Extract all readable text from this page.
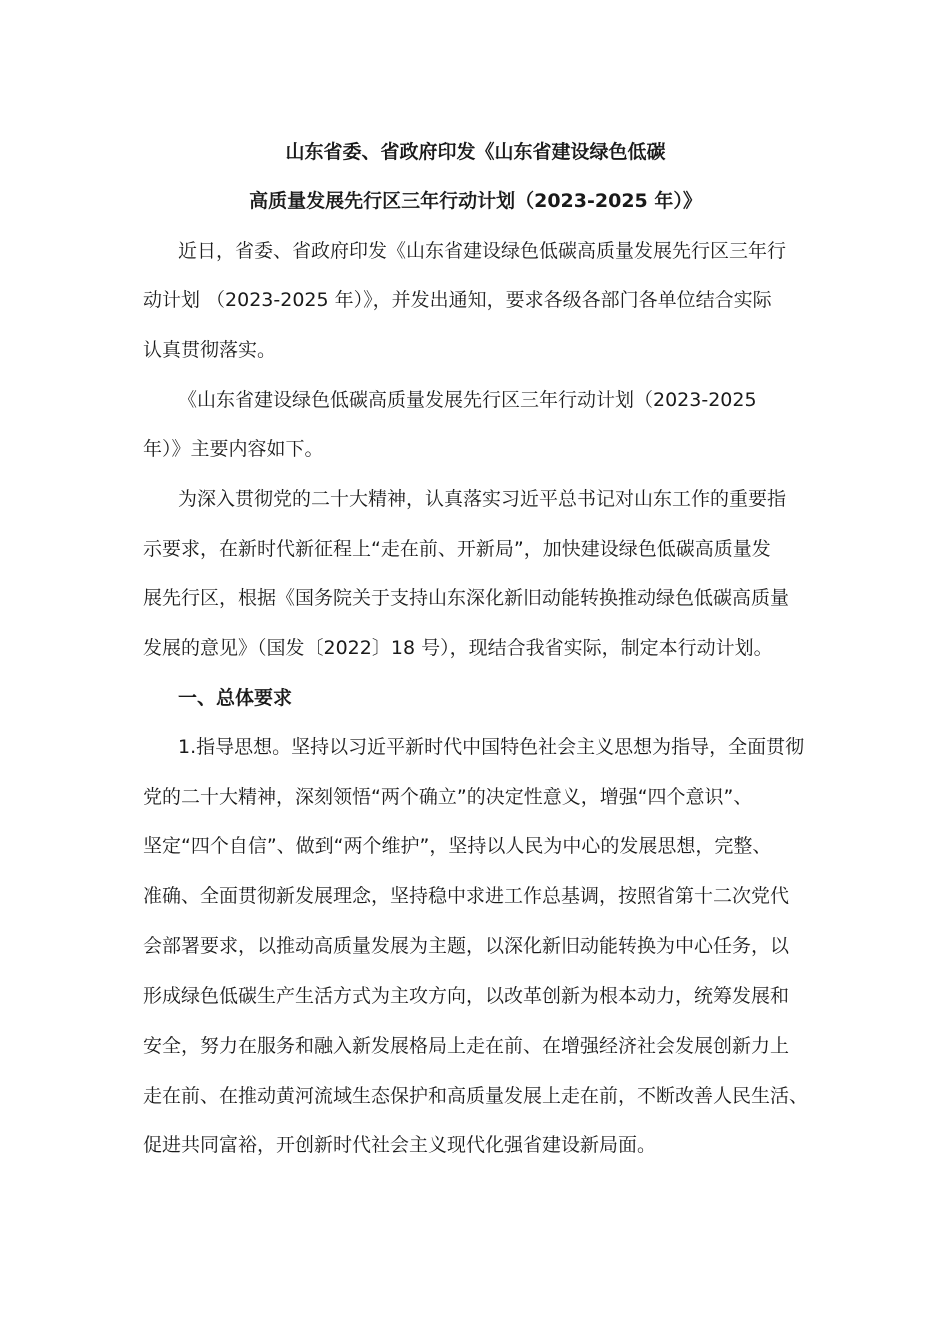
山东省委、省政府印发《山东省建设绿色低碳
高质量发展先行区三年行动计划（2023-2025 年）》
近日，省委、省政府印发《山东省建设绿色低碳高质量发展先行区三年行
动计划 （2023-2025 年）》，并发出通知，要求各级各部门各单位结合实际
认真贯彻落实。
《山东省建设绿色低碳高质量发展先行区三年行动计划（2023-2025
年）》主要内容如下。
为深入贯彻党的二十大精神，认真落实习近平总书记对山东工作的重要指
示要求，在新时代新征程上“走在前、开新局”，加快建设绿色低碳高质量发
展先行区，根据《国务院关于支持山东深化新旧动能转换推动绿色低碳高质量
发展的意见》（国发〔2022〕18 号），现结合我省实际，制定本行动计划。
一、总体要求
1.指导思想。坚持以习近平新时代中国特色社会主义思想为指导，全面贯彻
党的二十大精神，深刻领悟“两个确立”的决定性意义，增强“四个意识”、
坚定“四个自信”、做到“两个维护”，坚持以人民为中心的发展思想，完整、
准确、全面贯彻新发展理念，坚持稳中求进工作总基调，按照省第十二次党代
会部署要求，以推动高质量发展为主题，以深化新旧动能转换为中心任务，以
形成绿色低碳生产生活方式为主攻方向，以改革创新为根本动力，统筹发展和
安全，努力在服务和融入新发展格局上走在前、在增强经济社会发展创新力上
走在前、在推动黄河流域生态保护和高质量发展上走在前，不断改善人民生活、
促进共同富裕，开创新时代社会主义现代化强省建设新局面。
